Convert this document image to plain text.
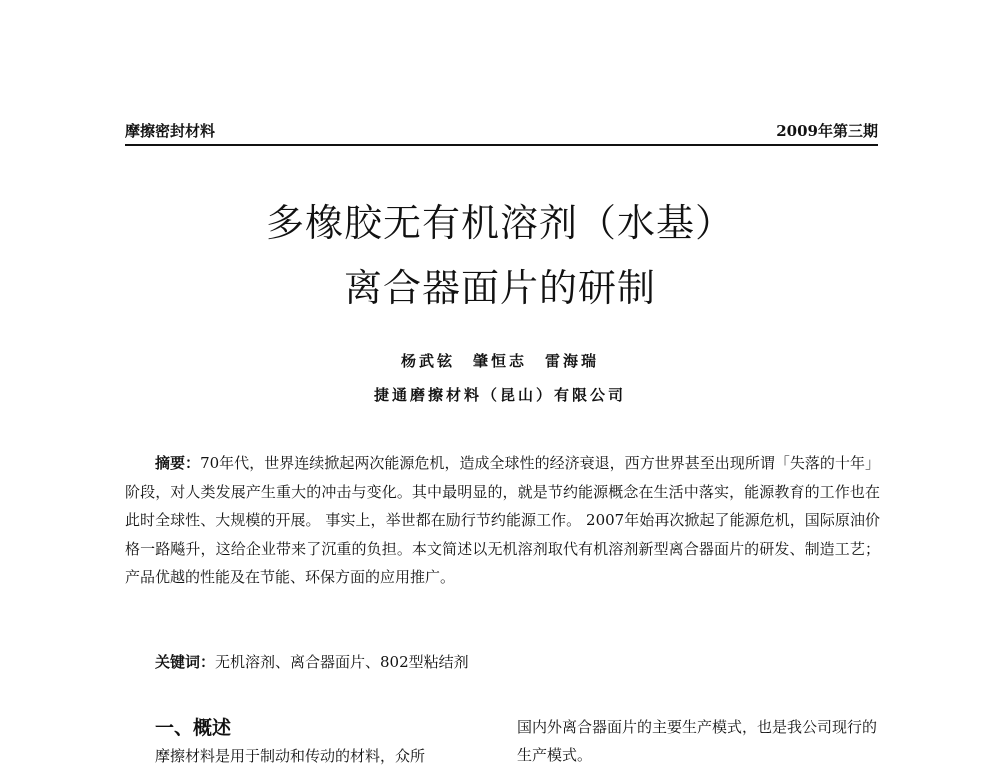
摩擦密封材料	2009年第三期
多橡胶无有机溶剂（水基）
离合器面片的研制
杨武铉　肇恒志　雷海瑞
捷通磨擦材料（昆山）有限公司

摘要：70年代，世界连续掀起两次能源危机，造成全球性的经济衰退，西方世界甚至出现所谓「失落的十年」阶段，对人类发展产生重大的冲击与变化。其中最明显的，就是节约能源概念在生活中落实，能源教育的工作也在此时全球性、大规模的开展。 事实上，举世都在励行节约能源工作。 2007年始再次掀起了能源危机，国际原油价格一路飚升，这给企业带来了沉重的负担。本文简述以无机溶剂取代有机溶剂新型离合器面片的研发、制造工艺；产品优越的性能及在节能、环保方面的应用推广。

关键词：无机溶剂、离合器面片、802型粘结剂
一、概述
摩擦材料是用于制动和传动的材料，众所

国内外离合器面片的主要生产模式，也是我公司现行的生产模式。
